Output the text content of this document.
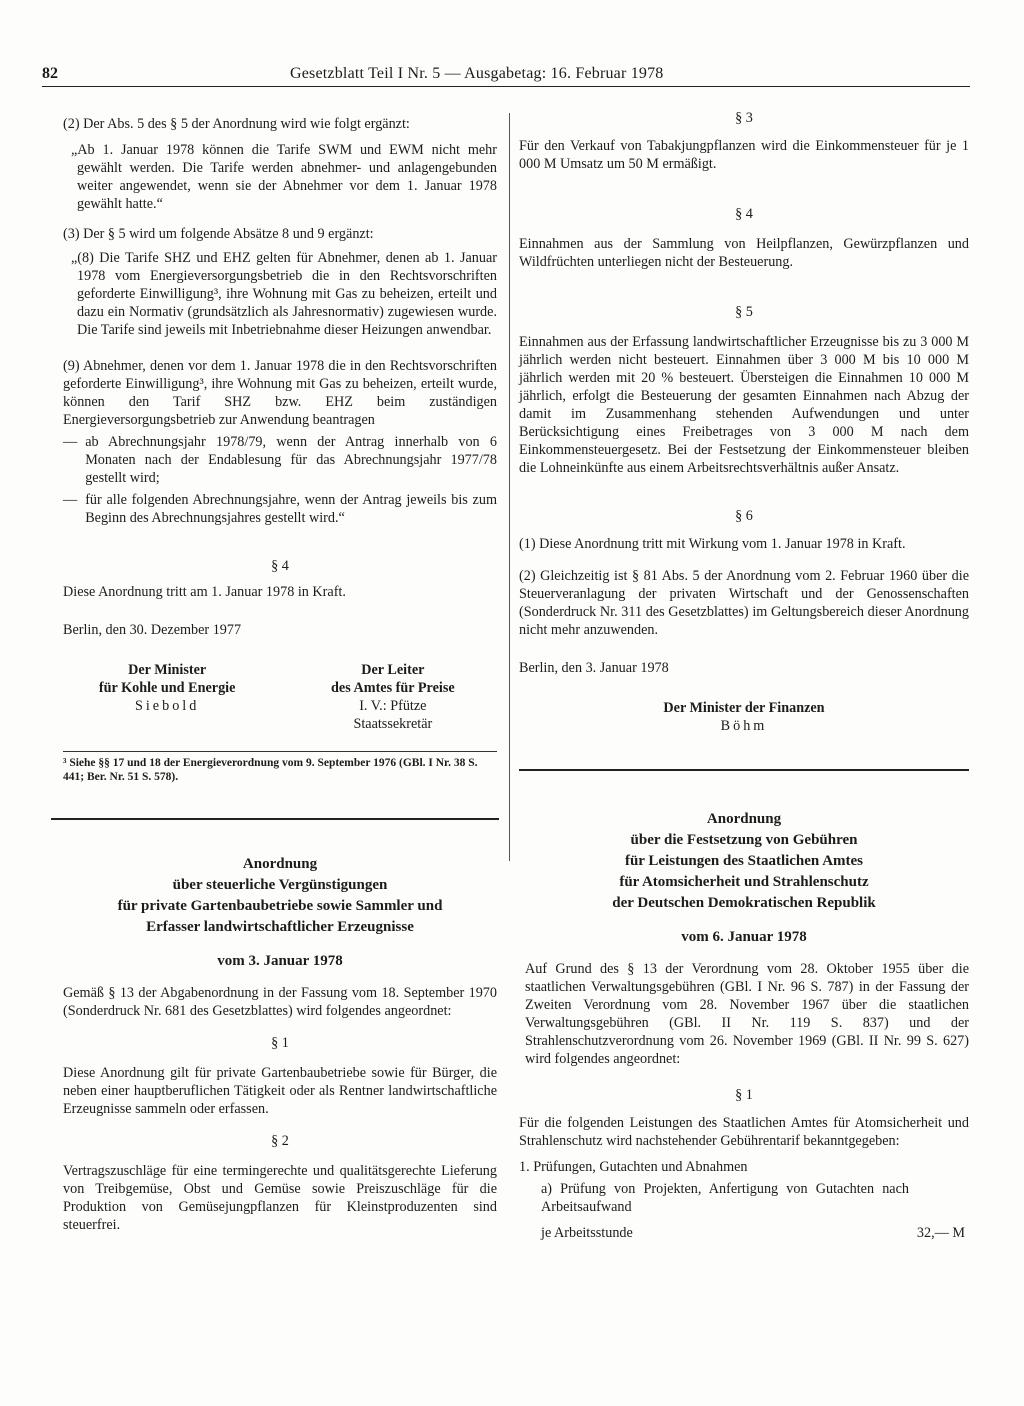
82	Gesetzblatt Teil I Nr. 5 — Ausgabetag: 16. Februar 1978

(2) Der Abs. 5 des § 5 der Anordnung wird wie folgt ergänzt:

„Ab 1. Januar 1978 können die Tarife SWM und EWM nicht mehr gewählt werden. Die Tarife werden abnehmer- und anlagengebunden weiter angewendet, wenn sie der Abnehmer vor dem 1. Januar 1978 gewählt hatte.“

(3) Der § 5 wird um folgende Absätze 8 und 9 ergänzt:

„(8) Die Tarife SHZ und EHZ gelten für Abnehmer, denen ab 1. Januar 1978 vom Energieversorgungsbetrieb die in den Rechtsvorschriften geforderte Einwilligung³, ihre Wohnung mit Gas zu beheizen, erteilt und dazu ein Normativ (grundsätzlich als Jahresnormativ) zugewiesen wurde. Die Tarife sind jeweils mit Inbetriebnahme dieser Heizungen anwendbar.

(9) Abnehmer, denen vor dem 1. Januar 1978 die in den Rechtsvorschriften geforderte Einwilligung³, ihre Wohnung mit Gas zu beheizen, erteilt wurde, können den Tarif SHZ bzw. EHZ beim zuständigen Energieversorgungsbetrieb zur Anwendung beantragen

— ab Abrechnungsjahr 1978/79, wenn der Antrag innerhalb von 6 Monaten nach der Endablesung für das Abrechnungsjahr 1977/78 gestellt wird;
— für alle folgenden Abrechnungsjahre, wenn der Antrag jeweils bis zum Beginn des Abrechnungsjahres gestellt wird.“

§ 4

Diese Anordnung tritt am 1. Januar 1978 in Kraft.

Berlin, den 30. Dezember 1977

Der Minister
für Kohle und Energie
Siebold
Der Leiter
des Amtes für Preise
I. V.: Pfütze
Staatssekretär

³ Siehe §§ 17 und 18 der Energieverordnung vom 9. September 1976 (GBl. I Nr. 38 S. 441; Ber. Nr. 51 S. 578).

Anordnung
über steuerliche Vergünstigungen
für private Gartenbaubetriebe sowie Sammler und
Erfasser landwirtschaftlicher Erzeugnisse

vom 3. Januar 1978

Gemäß § 13 der Abgabenordnung in der Fassung vom 18. September 1970 (Sonderdruck Nr. 681 des Gesetzblattes) wird folgendes angeordnet:

§ 1

Diese Anordnung gilt für private Gartenbaubetriebe sowie für Bürger, die neben einer hauptberuflichen Tätigkeit oder als Rentner landwirtschaftliche Erzeugnisse sammeln oder erfassen.

§ 2

Vertragszuschläge für eine termingerechte und qualitätsgerechte Lieferung von Treibgemüse, Obst und Gemüse sowie Preiszuschläge für die Produktion von Gemüsejungpflanzen für Kleinstproduzenten sind steuerfrei.

§ 3

Für den Verkauf von Tabakjungpflanzen wird die Einkommensteuer für je 1 000 M Umsatz um 50 M ermäßigt.

§ 4

Einnahmen aus der Sammlung von Heilpflanzen, Gewürzpflanzen und Wildfrüchten unterliegen nicht der Besteuerung.

§ 5

Einnahmen aus der Erfassung landwirtschaftlicher Erzeugnisse bis zu 3 000 M jährlich werden nicht besteuert. Einnahmen über 3 000 M bis 10 000 M jährlich werden mit 20 % besteuert. Übersteigen die Einnahmen 10 000 M jährlich, erfolgt die Besteuerung der gesamten Einnahmen nach Abzug der damit im Zusammenhang stehenden Aufwendungen und unter Berücksichtigung eines Freibetrages von 3 000 M nach dem Einkommensteuergesetz. Bei der Festsetzung der Einkommensteuer bleiben die Lohneinkünfte aus einem Arbeitsrechtsverhältnis außer Ansatz.

§ 6

(1) Diese Anordnung tritt mit Wirkung vom 1. Januar 1978 in Kraft.

(2) Gleichzeitig ist § 81 Abs. 5 der Anordnung vom 2. Februar 1960 über die Steuerveranlagung der privaten Wirtschaft und der Genossenschaften (Sonderdruck Nr. 311 des Gesetzblattes) im Geltungsbereich dieser Anordnung nicht mehr anzuwenden.

Berlin, den 3. Januar 1978

Der Minister der Finanzen

Böhm

Anordnung
über die Festsetzung von Gebühren
für Leistungen des Staatlichen Amtes
für Atomsicherheit und Strahlenschutz
der Deutschen Demokratischen Republik

vom 6. Januar 1978

Auf Grund des § 13 der Verordnung vom 28. Oktober 1955 über die staatlichen Verwaltungsgebühren (GBl. I Nr. 96 S. 787) in der Fassung der Zweiten Verordnung vom 28. November 1967 über die staatlichen Verwaltungsgebühren (GBl. II Nr. 119 S. 837) und der Strahlenschutzverordnung vom 26. November 1969 (GBl. II Nr. 99 S. 627) wird folgendes angeordnet:

§ 1

Für die folgenden Leistungen des Staatlichen Amtes für Atomsicherheit und Strahlenschutz wird nachstehender Gebührentarif bekanntgegeben:

1. Prüfungen, Gutachten und Abnahmen

a) Prüfung von Projekten, Anfertigung von Gutachten nach Arbeitsaufwand

je Arbeitsstunde	32,— M
